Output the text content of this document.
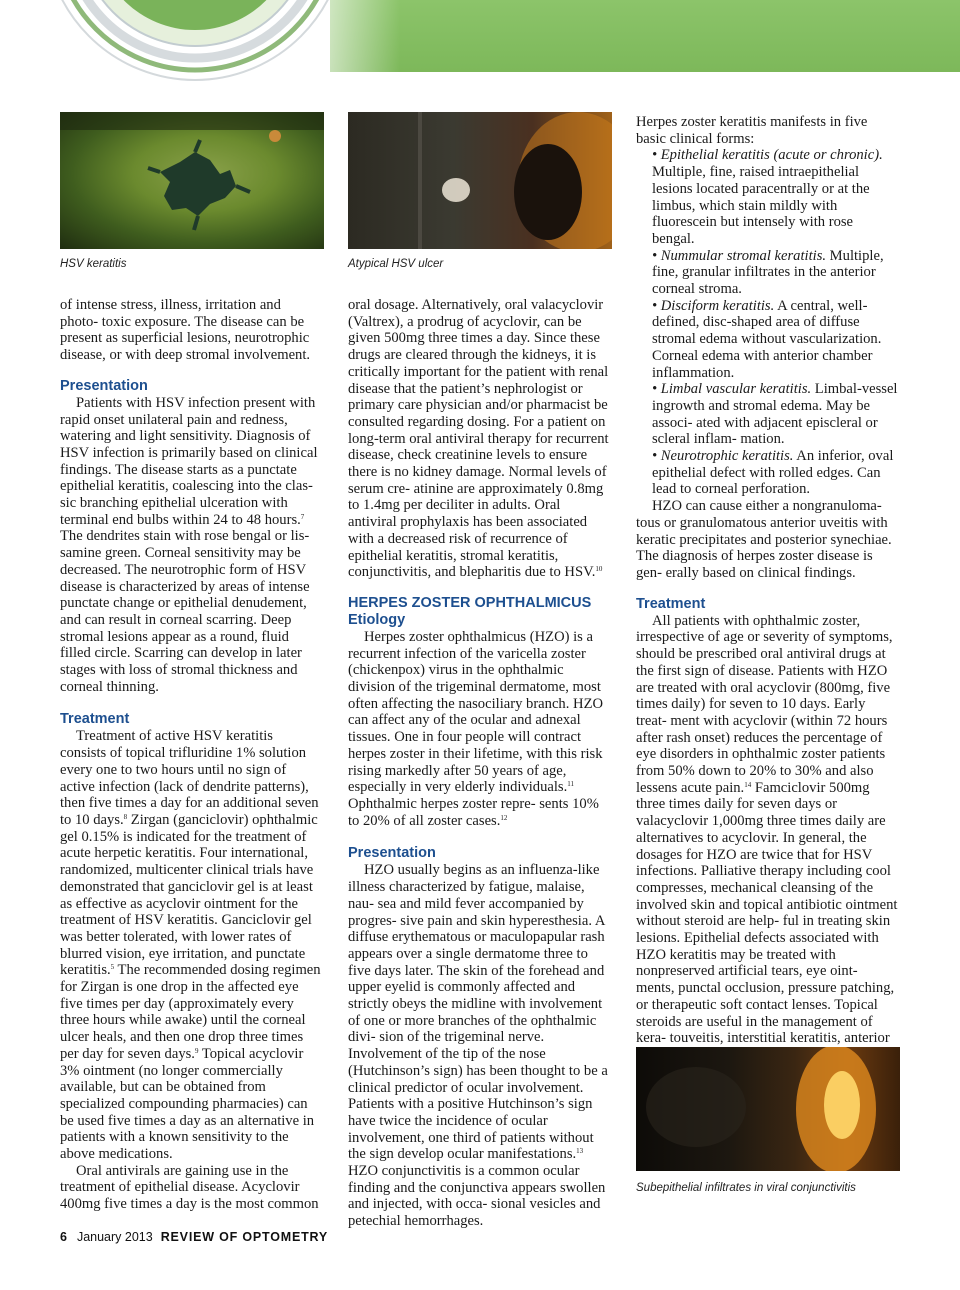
HSV keratitis	Atypical HSV ulcer

of intense stress, illness, irritation and photo- toxic exposure. The disease can be present as superficial lesions, neurotrophic disease, or with deep stromal involvement.

Presentation

Patients with HSV infection present with rapid onset unilateral pain and redness, watering and light sensitivity. Diagnosis of HSV infection is primarily based on clinical findings. The disease starts as a punctate epithelial keratitis, coalescing into the clas- sic branching epithelial ulceration with terminal end bulbs within 24 to 48 hours.$^7$ The dendrites stain with rose bengal or lis- samine green. Corneal sensitivity may be decreased. The neurotrophic form of HSV disease is characterized by areas of intense punctate change or epithelial denudement, and can result in corneal scarring. Deep stromal lesions appear as a round, fluid filled circle. Scarring can develop in later stages with loss of stromal thickness and corneal thinning.

Treatment

Treatment of active HSV keratitis consists of topical trifluridine 1% solution every one to two hours until no sign of active infection (lack of dendrite patterns), then five times a day for an additional seven to 10 days.$^8$ Zirgan (ganciclovir) ophthalmic gel 0.15% is indicated for the treatment of acute herpetic keratitis. Four international, randomized, multicenter clinical trials have demonstrated that ganciclovir gel is at least as effective as acyclovir ointment for the treatment of HSV keratitis. Ganciclovir gel was better tolerated, with lower rates of blurred vision, eye irritation, and punctate keratitis.$^5$ The recommended dosing regimen for Zirgan is one drop in the affected eye five times per day (approximately every three hours while awake) until the corneal ulcer heals, and then one drop three times per day for seven days.$^9$ Topical acyclovir 3% ointment (no longer commercially available, but can be obtained from specialized compounding pharmacies) can be used five times a day as an alternative in patients with a known sensitivity to the above medications.

Oral antivirals are gaining use in the treatment of epithelial disease. Acyclovir 400mg five times a day is the most common

oral dosage. Alternatively, oral valacyclovir (Valtrex), a prodrug of acyclovir, can be given 500mg three times a day. Since these drugs are cleared through the kidneys, it is critically important for the patient with renal disease that the patient’s nephrologist or primary care physician and/or pharmacist be consulted regarding dosing. For a patient on long-term oral antiviral therapy for recurrent disease, check creatinine levels to ensure there is no kidney damage. Normal levels of serum cre- atinine are approximately 0.8mg to 1.4mg per deciliter in adults. Oral antiviral prophylaxis has been associated with a decreased risk of recurrence of epithelial keratitis, stromal keratitis, conjunctivitis, and blepharitis due to HSV.$^{10}$

HERPES ZOSTER OPHTHALMICUS
Etiology

Herpes zoster ophthalmicus (HZO) is a recurrent infection of the varicella zoster (chickenpox) virus in the ophthalmic division of the trigeminal dermatome, most often affecting the nasociliary branch. HZO can affect any of the ocular and adnexal tissues. One in four people will contract herpes zoster in their lifetime, with this risk rising markedly after 50 years of age, especially in very elderly individuals.$^{11}$ Ophthalmic herpes zoster repre- sents 10% to 20% of all zoster cases.$^{12}$

Presentation

HZO usually begins as an influenza-like illness characterized by fatigue, malaise, nau- sea and mild fever accompanied by progres- sive pain and skin hyperesthesia. A diffuse erythematous or maculopapular rash appears over a single dermatome three to five days later. The skin of the forehead and upper eyelid is commonly affected and strictly obeys the midline with involvement of one or more branches of the ophthalmic divi- sion of the trigeminal nerve. Involvement of the tip of the nose (Hutchinson’s sign) has been thought to be a clinical predictor of ocular involvement. Patients with a positive Hutchinson’s sign have twice the incidence of ocular involvement, one third of patients without the sign develop ocular manifestations.$^{13}$ HZO conjunctivitis is a common ocular finding and the conjunctiva appears swollen and injected, with occa- sional vesicles and petechial hemorrhages.

Herpes zoster keratitis manifests in five basic clinical forms:

• Epithelial keratitis (acute or chronic). Multiple, fine, raised intraepithelial lesions located paracentrally or at the limbus, which stain mildly with fluorescein but intensely with rose bengal.

• Nummular stromal keratitis. Multiple, fine, granular infiltrates in the anterior corneal stroma.

• Disciform keratitis. A central, well-defined, disc-shaped area of diffuse stromal edema without vascularization. Corneal edema with anterior chamber inflammation.

• Limbal vascular keratitis. Limbal-vessel ingrowth and stromal edema. May be associ- ated with adjacent episcleral or scleral inflam- mation.

• Neurotrophic keratitis. An inferior, oval epithelial defect with rolled edges. Can lead to corneal perforation.

HZO can cause either a nongranuloma- tous or granulomatous anterior uveitis with keratic precipitates and posterior synechiae. The diagnosis of herpes zoster disease is gen- erally based on clinical findings.

Treatment

All patients with ophthalmic zoster, irrespective of age or severity of symptoms, should be prescribed oral antiviral drugs at the first sign of disease. Patients with HZO are treated with oral acyclovir (800mg, five times daily) for seven to 10 days. Early treat- ment with acyclovir (within 72 hours after rash onset) reduces the percentage of eye disorders in ophthalmic zoster patients from 50% down to 20% to 30% and also lessens acute pain.$^{14}$ Famciclovir 500mg three times daily for seven days or valacyclovir 1,000mg three times daily are alternatives to acyclovir. In general, the dosages for HZO are twice that for HSV infections. Palliative therapy including cool compresses, mechanical cleansing of the involved skin and topical antibiotic ointment without steroid are help- ful in treating skin lesions. Epithelial defects associated with HZO keratitis may be treated with nonpreserved artificial tears, eye oint- ments, punctal occlusion, pressure patching, or therapeutic soft contact lenses. Topical steroids are useful in the management of kera- touveitis, interstitial keratitis, anterior

Subepithelial infiltrates in viral conjunctivitis
6 January 2013 REVIEW OF OPTOMETRY
